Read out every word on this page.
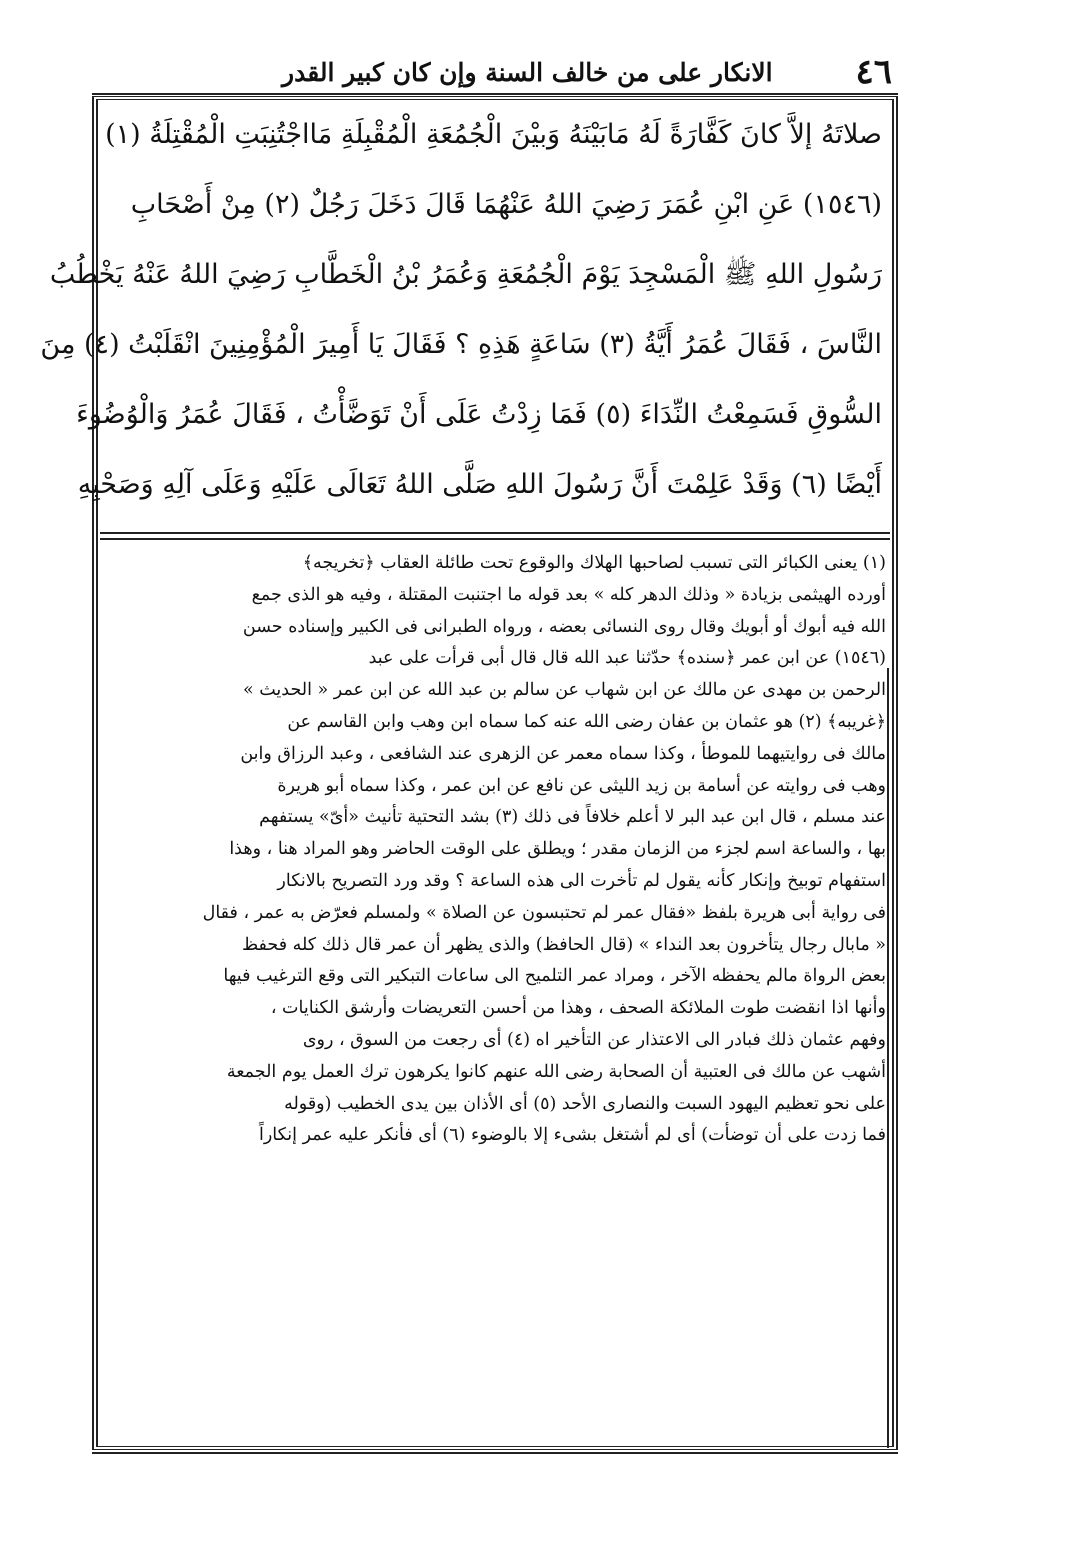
٤٦
الانكار على من خالف السنة وإن كان كبير القدر
صلاتَهُ إلاَّ كانَ كَفَّارَةً لَهُ مَابَيْنَهُ وَبيْنَ الْجُمُعَةِ الْمُقْبِلَةِ مَااجْتُنِبَتِ الْمُقْتِلَةُ (١)
(١٥٤٦) عَنِ ابْنِ عُمَرَ رَضِيَ اللهُ عَنْهُمَا قَالَ دَخَلَ رَجُلٌ (٢) مِنْ أَصْحَابِ
رَسُولِ اللهِ ﷺ الْمَسْجِدَ يَوْمَ الْجُمُعَةِ وَعُمَرُ بْنُ الْخَطَّابِ رَضِيَ اللهُ عَنْهُ يَخْطُبُ
النَّاسَ ، فَقَالَ عُمَرُ أَيَّةُ (٣) سَاعَةٍ هَذِهِ ؟ فَقَالَ يَا أَمِيرَ الْمُؤْمِنِينَ انْقَلَبْتُ (٤) مِنَ
السُّوقِ فَسَمِعْتُ النِّدَاءَ (٥) فَمَا زِدْتُ عَلَى أَنْ تَوَضَّأْتُ ، فَقَالَ عُمَرُ وَالْوُضُوءَ
أَيْضًا (٦) وَقَدْ عَلِمْتَ أَنَّ رَسُولَ اللهِ صَلَّى اللهُ تَعَالَى عَلَيْهِ وَعَلَى آلِهِ وَصَحْبِهِ
(١) يعنى الكبائر التى تسبب لصاحبها الهلاك والوقوع تحت طائلة العقاب ﴿تخريجه﴾
أورده الهيثمى بزيادة « وذلك الدهر كله » بعد قوله ما اجتنبت المقتلة ، وفيه هو الذى جمع
الله فيه أبوك أو أبويك وقال روى النسائى بعضه ، ورواه الطبرانى فى الكبير وإسناده حسن
(١٥٤٦) عن ابن عمر ﴿سنده﴾ حدّثنا عبد الله قال قال أبى قرأت على عبد
الرحمن بن مهدى عن مالك عن ابن شهاب عن سالم بن عبد الله عن ابن عمر « الحديث »
﴿غريبه﴾ (٢) هو عثمان بن عفان رضى الله عنه كما سماه ابن وهب وابن القاسم عن
مالك فى روايتيهما للموطأ ، وكذا سماه معمر عن الزهرى عند الشافعى ، وعبد الرزاق وابن
وهب فى روايته عن أسامة بن زيد الليثى عن نافع عن ابن عمر ، وكذا سماه أبو هريرة
عند مسلم ، قال ابن عبد البر لا أعلم خلافاً فى ذلك (٣) بشد التحتية تأنيث «أىّ» يستفهم
بها ، والساعة اسم لجزء من الزمان مقدر ؛ ويطلق على الوقت الحاضر وهو المراد هنا ، وهذا
استفهام توبيخ وإنكار كأنه يقول لم تأخرت الى هذه الساعة ؟ وقد ورد التصريح بالانكار
فى رواية أبى هريرة بلفظ «فقال عمر لم تحتبسون عن الصلاة » ولمسلم فعرّض به عمر ، فقال
« مابال رجال يتأخرون بعد النداء » (قال الحافظ) والذى يظهر أن عمر قال ذلك كله فحفظ
بعض الرواة مالم يحفظه الآخر ، ومراد عمر التلميح الى ساعات التبكير التى وقع الترغيب فيها
وأنها اذا انقضت طوت الملائكة الصحف ، وهذا من أحسن التعريضات وأرشق الكنايات ،
وفهم عثمان ذلك فبادر الى الاعتذار عن التأخير اه (٤) أى رجعت من السوق ، روى
أشهب عن مالك فى العتبية أن الصحابة رضى الله عنهم كانوا يكرهون ترك العمل يوم الجمعة
على نحو تعظيم اليهود السبت والنصارى الأحد (٥) أى الأذان بين يدى الخطيب (وقوله
فما زدت على أن توضأت) أى لم أشتغل بشىء إلا بالوضوء (٦) أى فأنكر عليه عمر إنكاراً
